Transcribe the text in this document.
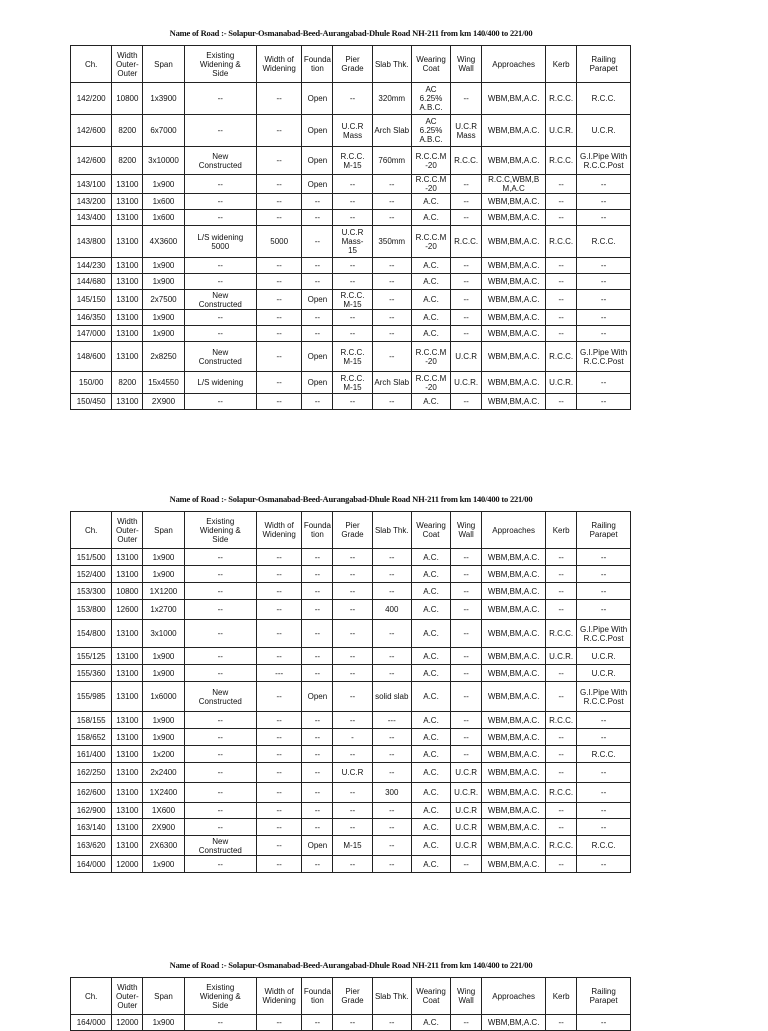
Name of Road :- Solapur-Osmanabad-Beed-Aurangabad-Dhule Road NH-211 from km 140/400 to 221/00
Ch.	Width
Outer-
Outer	Span	Existing
Widening &
Side	Width of
Widening	Founda
tion	Pier
Grade	Slab Thk.	Wearing
Coat	Wing
Wall	Approaches	Kerb	Railing
Parapet
142/200	10800	1x3900	--	--	Open	--	320mm	AC
6.25%
A.B.C.	--	WBM,BM,A.C.	R.C.C.	R.C.C.
142/600	8200	6x7000	--	--	Open	U.C.R
Mass	Arch Slab	AC
6.25%
A.B.C.	U.C.R
Mass	WBM,BM,A.C.	U.C.R.	U.C.R.
142/600	8200	3x10000	New
Constructed	--	Open	R.C.C.
M-15	760mm	R.C.C.M
-20	R.C.C.	WBM,BM,A.C.	R.C.C.	G.I.Pipe With
R.C.C.Post
143/100	13100	1x900	--	--	Open	--	--	R.C.C.M
-20	--	R.C.C,WBM,B
M,A.C	--	--
143/200	13100	1x600	--	--	--	--	--	A.C.	--	WBM,BM,A.C.	--	--
143/400	13100	1x600	--	--	--	--	--	A.C.	--	WBM,BM,A.C.	--	--
143/800	13100	4X3600	L/S widening
5000	5000	--	U.C.R
Mass-
15	350mm	R.C.C.M
-20	R.C.C.	WBM,BM,A.C.	R.C.C.	R.C.C.
144/230	13100	1x900	--	--	--	--	--	A.C.	--	WBM,BM,A.C.	--	--
144/680	13100	1x900	--	--	--	--	--	A.C.	--	WBM,BM,A.C.	--	--
145/150	13100	2x7500	New
Constructed	--	Open	R.C.C.
M-15	--	A.C.	--	WBM,BM,A.C.	--	--
146/350	13100	1x900	--	--	--	--	--	A.C.	--	WBM,BM,A.C.	--	--
147/000	13100	1x900	--	--	--	--	--	A.C.	--	WBM,BM,A.C.	--	--
148/600	13100	2x8250	New
Constructed	--	Open	R.C.C.
M-15	--	R.C.C.M
-20	U.C.R	WBM,BM,A.C.	R.C.C.	G.I.Pipe With
R.C.C.Post
150/00	8200	15x4550	L/S widening	--	Open	R.C.C.
M-15	Arch Slab	R.C.C.M
-20	U.C.R.	WBM,BM,A.C.	U.C.R.	--
150/450	13100	2X900	--	--	--	--	--	A.C.	--	WBM,BM,A.C.	--	--
Name of Road :- Solapur-Osmanabad-Beed-Aurangabad-Dhule Road NH-211 from km 140/400 to 221/00
Ch.	Width
Outer-
Outer	Span	Existing
Widening &
Side	Width of
Widening	Founda
tion	Pier
Grade	Slab Thk.	Wearing
Coat	Wing
Wall	Approaches	Kerb	Railing
Parapet
151/500	13100	1x900	--	--	--	--	--	A.C.	--	WBM,BM,A.C.	--	--
152/400	13100	1x900	--	--	--	--	--	A.C.	--	WBM,BM,A.C.	--	--
153/300	10800	1X1200	--	--	--	--	--	A.C.	--	WBM,BM,A.C.	--	--
153/800	12600	1x2700	--	--	--	--	400	A.C.	--	WBM,BM,A.C.	--	--
154/800	13100	3x1000	--	--	--	--	--	A.C.	--	WBM,BM,A.C.	R.C.C.	G.I.Pipe With
R.C.C.Post
155/125	13100	1x900	--	--	--	--	--	A.C.	--	WBM,BM,A.C.	U.C.R.	U.C.R.
155/360	13100	1x900	--	---	--	--	--	A.C.	--	WBM,BM,A.C.	--	U.C.R.
155/985	13100	1x6000	New
Constructed	--	Open	--	solid slab	A.C.	--	WBM,BM,A.C.	--	G.I.Pipe With
R.C.C.Post
158/155	13100	1x900	--	--	--	--	---	A.C.	--	WBM,BM,A.C.	R.C.C.	--
158/652	13100	1x900	--	--	--	-	--	A.C.	--	WBM,BM,A.C.	--	--
161/400	13100	1x200	--	--	--	--	--	A.C.	--	WBM,BM,A.C.	--	R.C.C.
162/250	13100	2x2400	--	--	--	U.C.R	--	A.C.	U.C.R	WBM,BM,A.C.	--	--
162/600	13100	1X2400	--	--	--	--	300	A.C.	U.C.R.	WBM,BM,A.C.	R.C.C.	--
162/900	13100	1X600	--	--	--	--	--	A.C.	U.C.R	WBM,BM,A.C.	--	--
163/140	13100	2X900	--	--	--	--	--	A.C.	U.C.R	WBM,BM,A.C.	--	--
163/620	13100	2X6300	New
Constructed	--	Open	M-15	--	A.C.	U.C.R	WBM,BM,A.C.	R.C.C.	R.C.C.
164/000	12000	1x900	--	--	--	--	--	A.C.	--	WBM,BM,A.C.	--	--
Name of Road :- Solapur-Osmanabad-Beed-Aurangabad-Dhule Road NH-211 from km 140/400 to 221/00
Ch.	Width
Outer-
Outer	Span	Existing
Widening &
Side	Width of
Widening	Founda
tion	Pier
Grade	Slab Thk.	Wearing
Coat	Wing
Wall	Approaches	Kerb	Railing
Parapet
164/000	12000	1x900	--	--	--	--	--	A.C.	--	WBM,BM,A.C.	--	--
